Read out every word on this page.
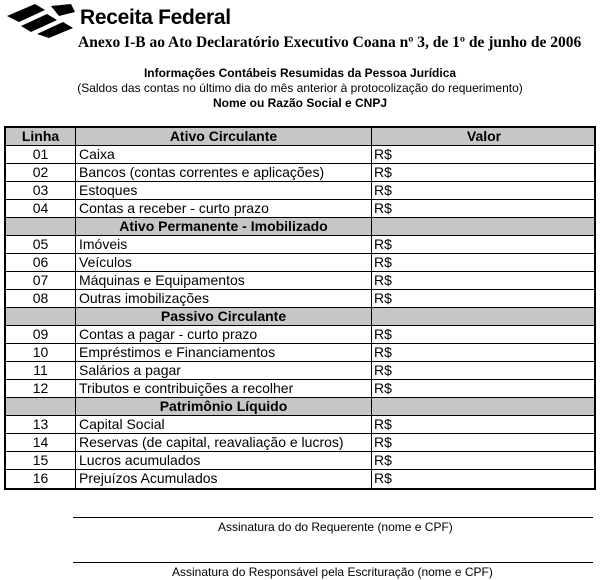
Receita Federal
Anexo I-B ao Ato Declaratório Executivo Coana nº 3, de 1º de junho de 2006
Informações Contábeis Resumidas da Pessoa Jurídica
(Saldos das contas no último dia do mês anterior à protocolização do requerimento)
Nome ou Razão Social e CNPJ
Linha	Ativo Circulante	Valor
01	Caixa	R$
02	Bancos (contas correntes e aplicações)	R$
03	Estoques	R$
04	Contas a receber - curto prazo	R$
Ativo Permanente - Imobilizado
05	Imóveis	R$
06	Veículos	R$
07	Máquinas e Equipamentos	R$
08	Outras imobilizações	R$
Passivo Circulante
09	Contas a pagar - curto prazo	R$
10	Empréstimos e Financiamentos	R$
11	Salários a pagar	R$
12	Tributos e contribuições a recolher	R$
Patrimônio Líquido
13	Capital Social	R$
14	Reservas (de capital, reavaliação e lucros)	R$
15	Lucros acumulados	R$
16	Prejuízos Acumulados	R$
Assinatura do do Requerente (nome e CPF)
Assinatura do Responsável pela Escrituração (nome e CPF)
